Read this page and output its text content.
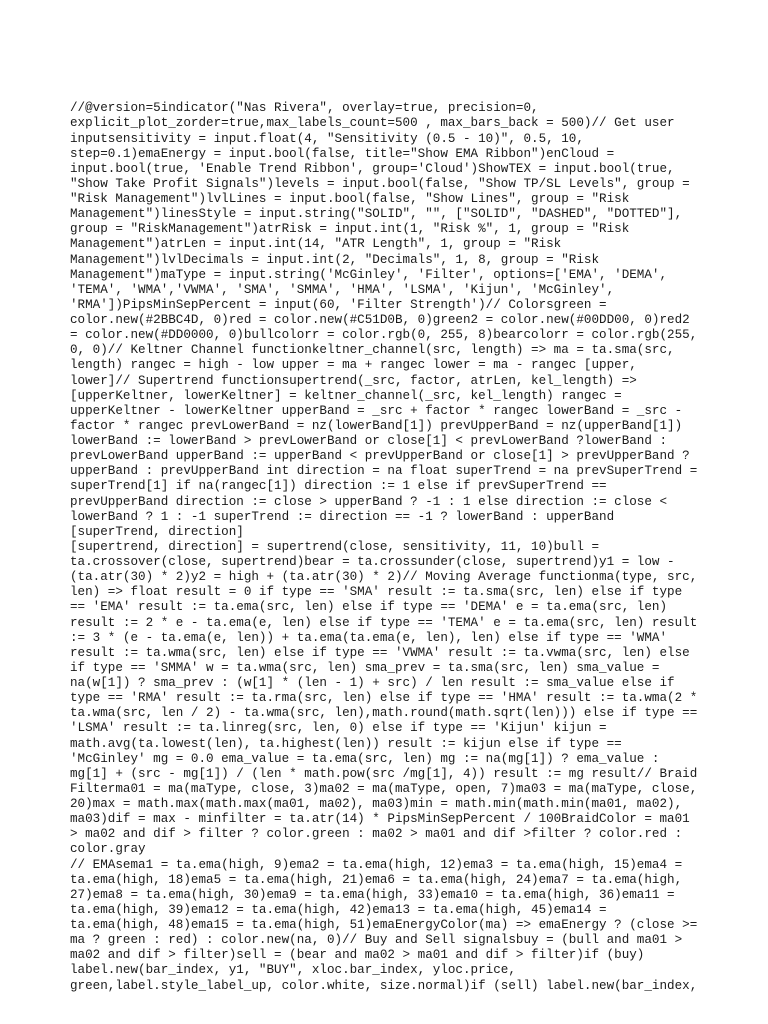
//@version=5indicator("Nas Rivera", overlay=true, precision=0,
explicit_plot_zorder=true,max_labels_count=500 , max_bars_back = 500)// Get user
inputsensitivity = input.float(4, "Sensitivity (0.5 - 10)", 0.5, 10,
step=0.1)emaEnergy = input.bool(false, title="Show EMA Ribbon")enCloud =
input.bool(true, 'Enable Trend Ribbon', group='Cloud')ShowTEX = input.bool(true,
"Show Take Profit Signals")levels = input.bool(false, "Show TP/SL Levels", group =
"Risk Management")lvlLines = input.bool(false, "Show Lines", group = "Risk
Management")linesStyle = input.string("SOLID", "", ["SOLID", "DASHED", "DOTTED"],
group = "RiskManagement")atrRisk = input.int(1, "Risk %", 1, group = "Risk
Management")atrLen = input.int(14, "ATR Length", 1, group = "Risk
Management")lvlDecimals = input.int(2, "Decimals", 1, 8, group = "Risk
Management")maType = input.string('McGinley', 'Filter', options=['EMA', 'DEMA',
'TEMA', 'WMA','VWMA', 'SMA', 'SMMA', 'HMA', 'LSMA', 'Kijun', 'McGinley',
'RMA'])PipsMinSepPercent = input(60, 'Filter Strength')// Colorsgreen =
color.new(#2BBC4D, 0)red = color.new(#C51D0B, 0)green2 = color.new(#00DD00, 0)red2
= color.new(#DD0000, 0)bullcolorr = color.rgb(0, 255, 8)bearcolorr = color.rgb(255,
0, 0)// Keltner Channel functionkeltner_channel(src, length) => ma = ta.sma(src,
length) rangec = high - low upper = ma + rangec lower = ma - rangec [upper,
lower]// Supertrend functionsupertrend(_src, factor, atrLen, kel_length) =>
[upperKeltner, lowerKeltner] = keltner_channel(_src, kel_length) rangec =
upperKeltner - lowerKeltner upperBand = _src + factor * rangec lowerBand = _src -
factor * rangec prevLowerBand = nz(lowerBand[1]) prevUpperBand = nz(upperBand[1])
lowerBand := lowerBand > prevLowerBand or close[1] < prevLowerBand ?lowerBand :
prevLowerBand upperBand := upperBand < prevUpperBand or close[1] > prevUpperBand ?
upperBand : prevUpperBand int direction = na float superTrend = na prevSuperTrend =
superTrend[1] if na(rangec[1]) direction := 1 else if prevSuperTrend ==
prevUpperBand direction := close > upperBand ? -1 : 1 else direction := close <
lowerBand ? 1 : -1 superTrend := direction == -1 ? lowerBand : upperBand
[superTrend, direction]
[supertrend, direction] = supertrend(close, sensitivity, 11, 10)bull =
ta.crossover(close, supertrend)bear = ta.crossunder(close, supertrend)y1 = low -
(ta.atr(30) * 2)y2 = high + (ta.atr(30) * 2)// Moving Average functionma(type, src,
len) => float result = 0 if type == 'SMA' result := ta.sma(src, len) else if type
== 'EMA' result := ta.ema(src, len) else if type == 'DEMA' e = ta.ema(src, len)
result := 2 * e - ta.ema(e, len) else if type == 'TEMA' e = ta.ema(src, len) result
:= 3 * (e - ta.ema(e, len)) + ta.ema(ta.ema(e, len), len) else if type == 'WMA'
result := ta.wma(src, len) else if type == 'VWMA' result := ta.vwma(src, len) else
if type == 'SMMA' w = ta.wma(src, len) sma_prev = ta.sma(src, len) sma_value =
na(w[1]) ? sma_prev : (w[1] * (len - 1) + src) / len result := sma_value else if
type == 'RMA' result := ta.rma(src, len) else if type == 'HMA' result := ta.wma(2 *
ta.wma(src, len / 2) - ta.wma(src, len),math.round(math.sqrt(len))) else if type ==
'LSMA' result := ta.linreg(src, len, 0) else if type == 'Kijun' kijun =
math.avg(ta.lowest(len), ta.highest(len)) result := kijun else if type ==
'McGinley' mg = 0.0 ema_value = ta.ema(src, len) mg := na(mg[1]) ? ema_value :
mg[1] + (src - mg[1]) / (len * math.pow(src /mg[1], 4)) result := mg result// Braid
Filterma01 = ma(maType, close, 3)ma02 = ma(maType, open, 7)ma03 = ma(maType, close,
20)max = math.max(math.max(ma01, ma02), ma03)min = math.min(math.min(ma01, ma02),
ma03)dif = max - minfilter = ta.atr(14) * PipsMinSepPercent / 100BraidColor = ma01
> ma02 and dif > filter ? color.green : ma02 > ma01 and dif >filter ? color.red :
color.gray
// EMAsema1 = ta.ema(high, 9)ema2 = ta.ema(high, 12)ema3 = ta.ema(high, 15)ema4 =
ta.ema(high, 18)ema5 = ta.ema(high, 21)ema6 = ta.ema(high, 24)ema7 = ta.ema(high,
27)ema8 = ta.ema(high, 30)ema9 = ta.ema(high, 33)ema10 = ta.ema(high, 36)ema11 =
ta.ema(high, 39)ema12 = ta.ema(high, 42)ema13 = ta.ema(high, 45)ema14 =
ta.ema(high, 48)ema15 = ta.ema(high, 51)emaEnergyColor(ma) => emaEnergy ? (close >=
ma ? green : red) : color.new(na, 0)// Buy and Sell signalsbuy = (bull and ma01 >
ma02 and dif > filter)sell = (bear and ma02 > ma01 and dif > filter)if (buy)
label.new(bar_index, y1, "BUY", xloc.bar_index, yloc.price,
green,label.style_label_up, color.white, size.normal)if (sell) label.new(bar_index,
